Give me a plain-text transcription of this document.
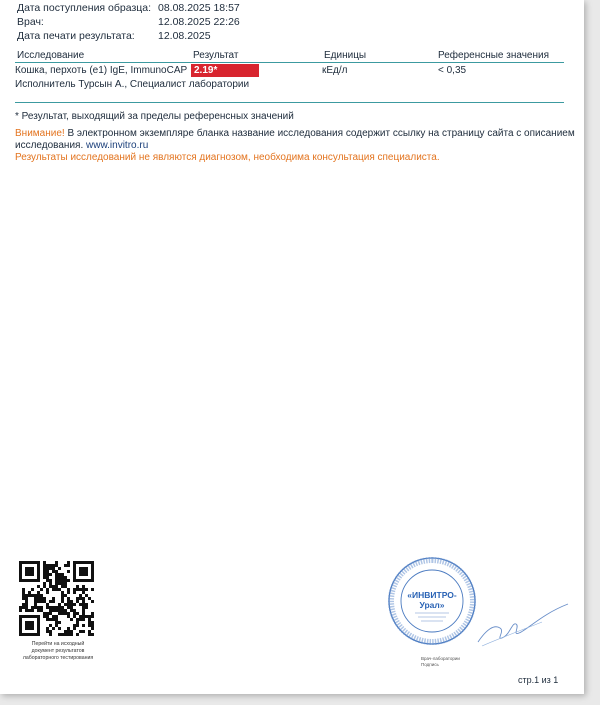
Дата поступления образца: 08.08.2025 18:57
Врач:	12.08.2025 22:26
Дата печати результата: 12.08.2025
Исследование	Результат	Единицы	Референсные значения
Кошка, перхоть (e1) IgE, ImmunoCAP 2.19*	кЕд/л	< 0,35
Исполнитель Турсын А., Специалист лаборатории
* Результат, выходящий за пределы референсных значений
Внимание! В электронном экземпляре бланка название исследования содержит ссылку на страницу сайта с описанием
исследования. www.invitro.ru
Результаты исследований не являются диагнозом, необходима консультация специалиста.
Перейти на исходный
документ результатов
лабораторного тестирования
«ИНВИТРО-
Урал»
Врач-лаборатории
Подпись
стр.1 из 1
